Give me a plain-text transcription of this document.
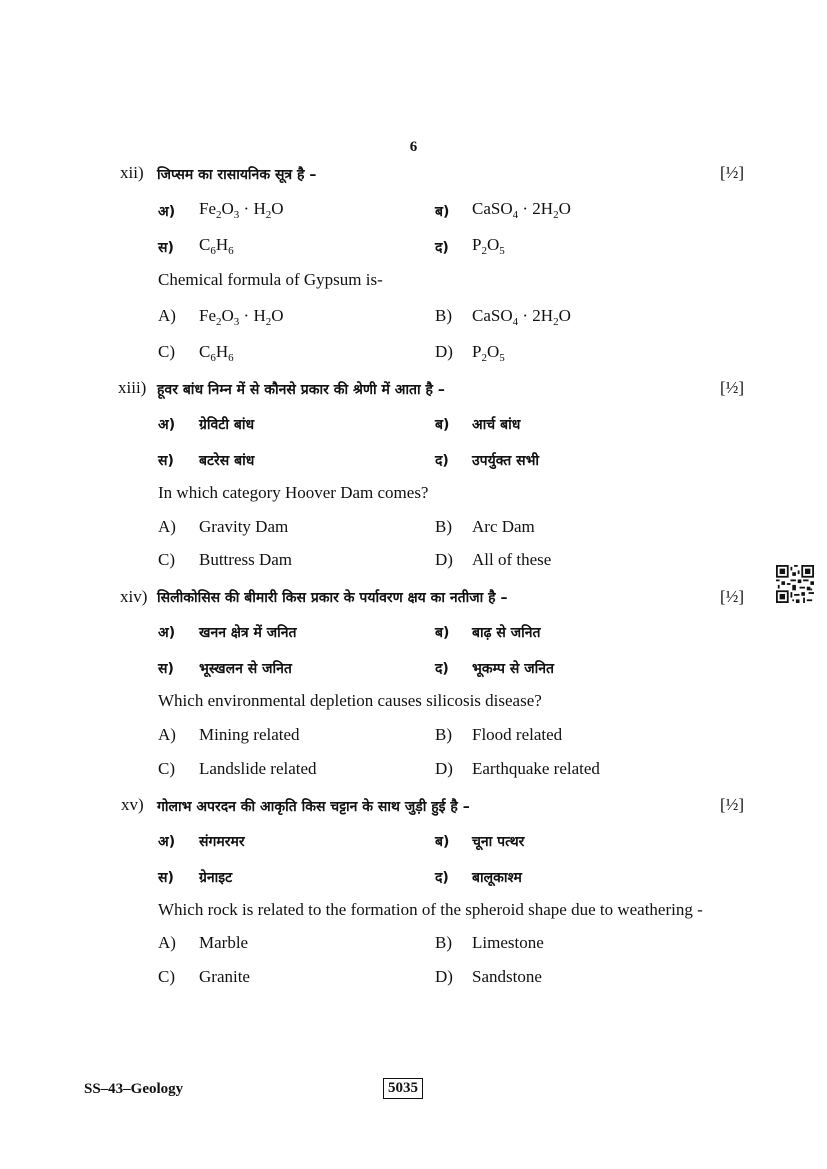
6
xii) जिप्सम का रासायनिक सूत्र है –	[½]
अ) $Fe_2O_3 \cdot H_2O$	ब) CaSO$_4$ · $2H_2O$
स) $C_6H_6$	द) $P_2O_5$
Chemical formula of Gypsum is-
A) $Fe_2O_3 \cdot H_2O$	B) CaSO$_4$ · $2H_2O$
C) $C_6H_6$	D) $P_2O_5$
xiii) हूवर बांध निम्न में से कौनसे प्रकार की श्रेणी में आता है –	[½]
अ) ग्रेविटी बांध	ब) आर्च बांध
स) बटरेस बांध	द) उपर्युक्त सभी
In which category Hoover Dam comes?
A) Gravity Dam	B) Arc Dam
C) Buttress Dam	D) All of these
xiv) सिलीकोसिस की बीमारी किस प्रकार के पर्यावरण क्षय का नतीजा है –	[½]
अ) खनन क्षेत्र में जनित	ब) बाढ़ से जनित
स) भूस्खलन से जनित	द) भूकम्प से जनित
Which environmental depletion causes silicosis disease?
A) Mining related	B) Flood related
C) Landslide related	D) Earthquake related
xv) गोलाभ अपरदन की आकृति किस चट्टान के साथ जुड़ी हुई है –	[½]
अ) संगमरमर	ब) चूना पत्थर
स) ग्रेनाइट	द) बालूकाश्म
Which rock is related to the formation of the spheroid shape due to weathering -
A) Marble	B) Limestone
C) Granite	D) Sandstone
SS–43–Geology	5035
